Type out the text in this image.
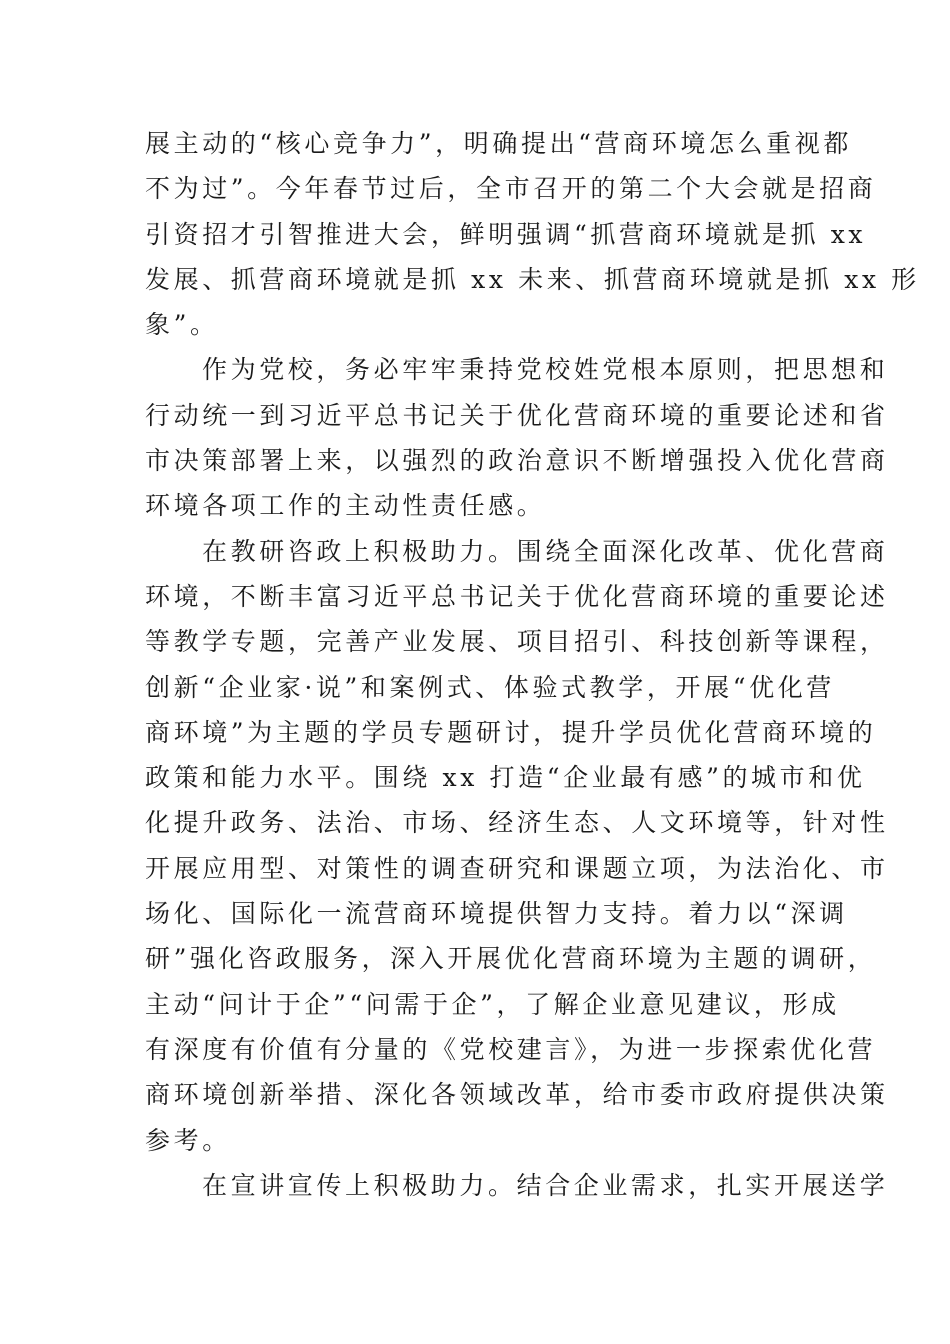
展主动的“核心竞争力”，明确提出“营商环境怎么重视都
不为过”。今年春节过后，全市召开的第二个大会就是招商
引资招才引智推进大会，鲜明强调“抓营商环境就是抓 xx
发展、抓营商环境就是抓 xx 未来、抓营商环境就是抓 xx 形
象”。

作为党校，务必牢牢秉持党校姓党根本原则，把思想和
行动统一到习近平总书记关于优化营商环境的重要论述和省
市决策部署上来，以强烈的政治意识不断增强投入优化营商
环境各项工作的主动性责任感。

在教研咨政上积极助力。围绕全面深化改革、优化营商
环境，不断丰富习近平总书记关于优化营商环境的重要论述
等教学专题，完善产业发展、项目招引、科技创新等课程，
创新“企业家·说”和案例式、体验式教学，开展“优化营
商环境”为主题的学员专题研讨，提升学员优化营商环境的
政策和能力水平。围绕 xx 打造“企业最有感”的城市和优
化提升政务、法治、市场、经济生态、人文环境等，针对性
开展应用型、对策性的调查研究和课题立项，为法治化、市
场化、国际化一流营商环境提供智力支持。着力以“深调
研”强化咨政服务，深入开展优化营商环境为主题的调研，
主动“问计于企”“问需于企”，了解企业意见建议，形成
有深度有价值有分量的《党校建言》，为进一步探索优化营
商环境创新举措、深化各领域改革，给市委市政府提供决策
参考。

在宣讲宣传上积极助力。结合企业需求，扎实开展送学
